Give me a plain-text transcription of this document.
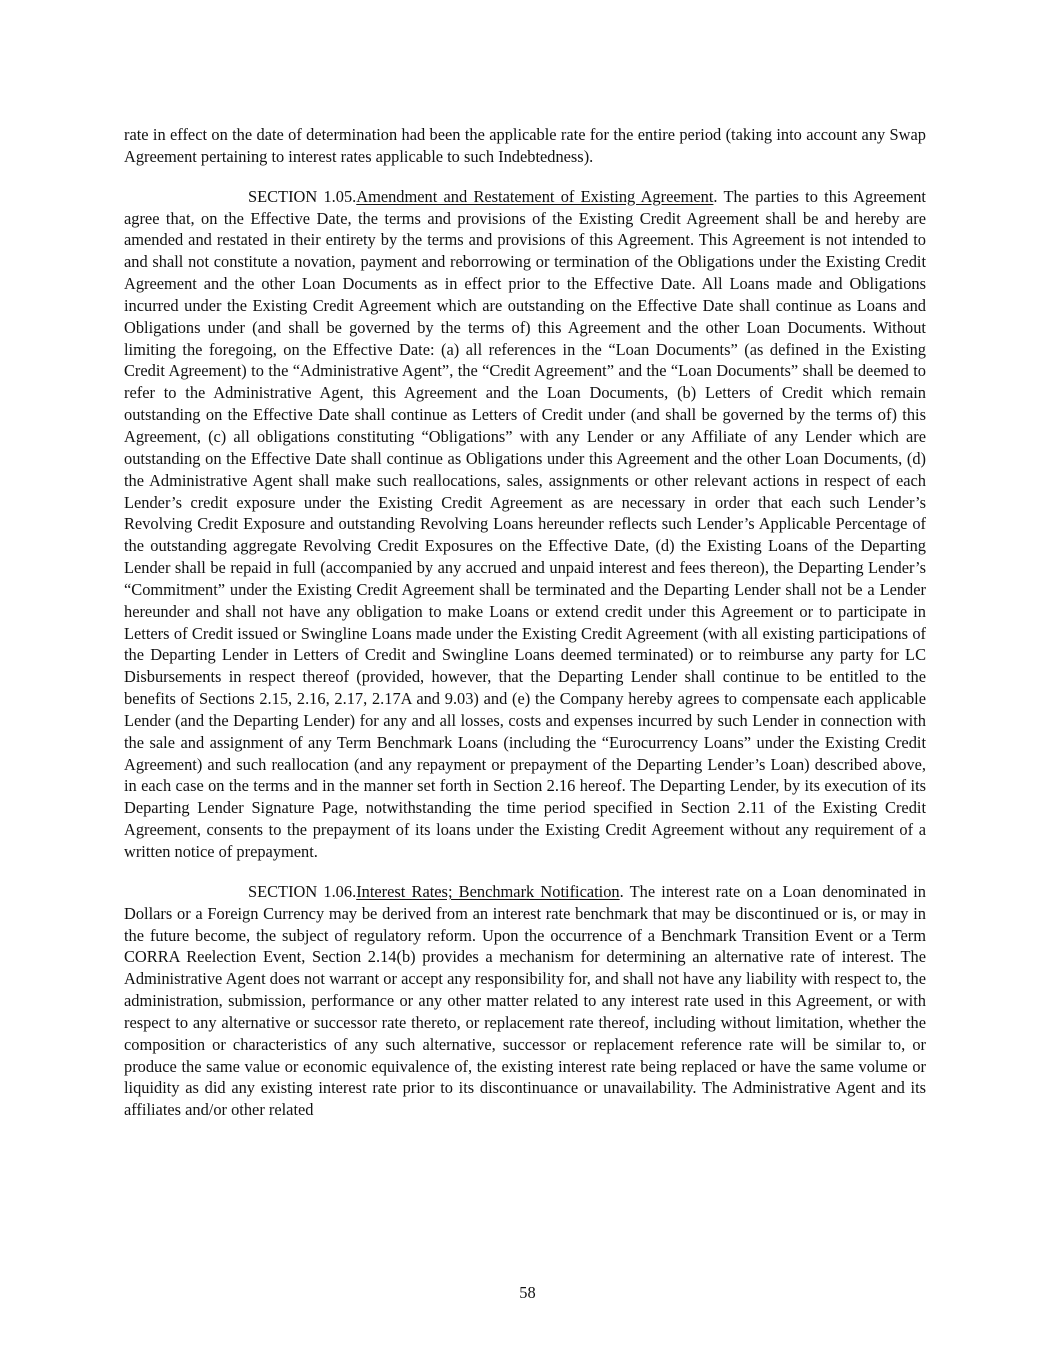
rate in effect on the date of determination had been the applicable rate for the entire period (taking into account any Swap Agreement pertaining to interest rates applicable to such Indebtedness).

SECTION 1.05.Amendment and Restatement of Existing Agreement. The parties to this Agreement agree that, on the Effective Date, the terms and provisions of the Existing Credit Agreement shall be and hereby are amended and restated in their entirety by the terms and provisions of this Agreement. This Agreement is not intended to and shall not constitute a novation, payment and reborrowing or termination of the Obligations under the Existing Credit Agreement and the other Loan Documents as in effect prior to the Effective Date. All Loans made and Obligations incurred under the Existing Credit Agreement which are outstanding on the Effective Date shall continue as Loans and Obligations under (and shall be governed by the terms of) this Agreement and the other Loan Documents. Without limiting the foregoing, on the Effective Date: (a) all references in the “Loan Documents” (as defined in the Existing Credit Agreement) to the “Administrative Agent”, the “Credit Agreement” and the “Loan Documents” shall be deemed to refer to the Administrative Agent, this Agreement and the Loan Documents, (b) Letters of Credit which remain outstanding on the Effective Date shall continue as Letters of Credit under (and shall be governed by the terms of) this Agreement, (c) all obligations constituting “Obligations” with any Lender or any Affiliate of any Lender which are outstanding on the Effective Date shall continue as Obligations under this Agreement and the other Loan Documents, (d) the Administrative Agent shall make such reallocations, sales, assignments or other relevant actions in respect of each Lender’s credit exposure under the Existing Credit Agreement as are necessary in order that each such Lender’s Revolving Credit Exposure and outstanding Revolving Loans hereunder reflects such Lender’s Applicable Percentage of the outstanding aggregate Revolving Credit Exposures on the Effective Date, (d) the Existing Loans of the Departing Lender shall be repaid in full (accompanied by any accrued and unpaid interest and fees thereon), the Departing Lender’s “Commitment” under the Existing Credit Agreement shall be terminated and the Departing Lender shall not be a Lender hereunder and shall not have any obligation to make Loans or extend credit under this Agreement or to participate in Letters of Credit issued or Swingline Loans made under the Existing Credit Agreement (with all existing participations of the Departing Lender in Letters of Credit and Swingline Loans deemed terminated) or to reimburse any party for LC Disbursements in respect thereof (provided, however, that the Departing Lender shall continue to be entitled to the benefits of Sections 2.15, 2.16, 2.17, 2.17A and 9.03) and (e) the Company hereby agrees to compensate each applicable Lender (and the Departing Lender) for any and all losses, costs and expenses incurred by such Lender in connection with the sale and assignment of any Term Benchmark Loans (including the “Eurocurrency Loans” under the Existing Credit Agreement) and such reallocation (and any repayment or prepayment of the Departing Lender’s Loan) described above, in each case on the terms and in the manner set forth in Section 2.16 hereof. The Departing Lender, by its execution of its Departing Lender Signature Page, notwithstanding the time period specified in Section 2.11 of the Existing Credit Agreement, consents to the prepayment of its loans under the Existing Credit Agreement without any requirement of a written notice of prepayment.

SECTION 1.06.Interest Rates; Benchmark Notification. The interest rate on a Loan denominated in Dollars or a Foreign Currency may be derived from an interest rate benchmark that may be discontinued or is, or may in the future become, the subject of regulatory reform. Upon the occurrence of a Benchmark Transition Event or a Term CORRA Reelection Event, Section 2.14(b) provides a mechanism for determining an alternative rate of interest. The Administrative Agent does not warrant or accept any responsibility for, and shall not have any liability with respect to, the administration, submission, performance or any other matter related to any interest rate used in this Agreement, or with respect to any alternative or successor rate thereto, or replacement rate thereof, including without limitation, whether the composition or characteristics of any such alternative, successor or replacement reference rate will be similar to, or produce the same value or economic equivalence of, the existing interest rate being replaced or have the same volume or liquidity as did any existing interest rate prior to its discontinuance or unavailability. The Administrative Agent and its affiliates and/or other related

58
